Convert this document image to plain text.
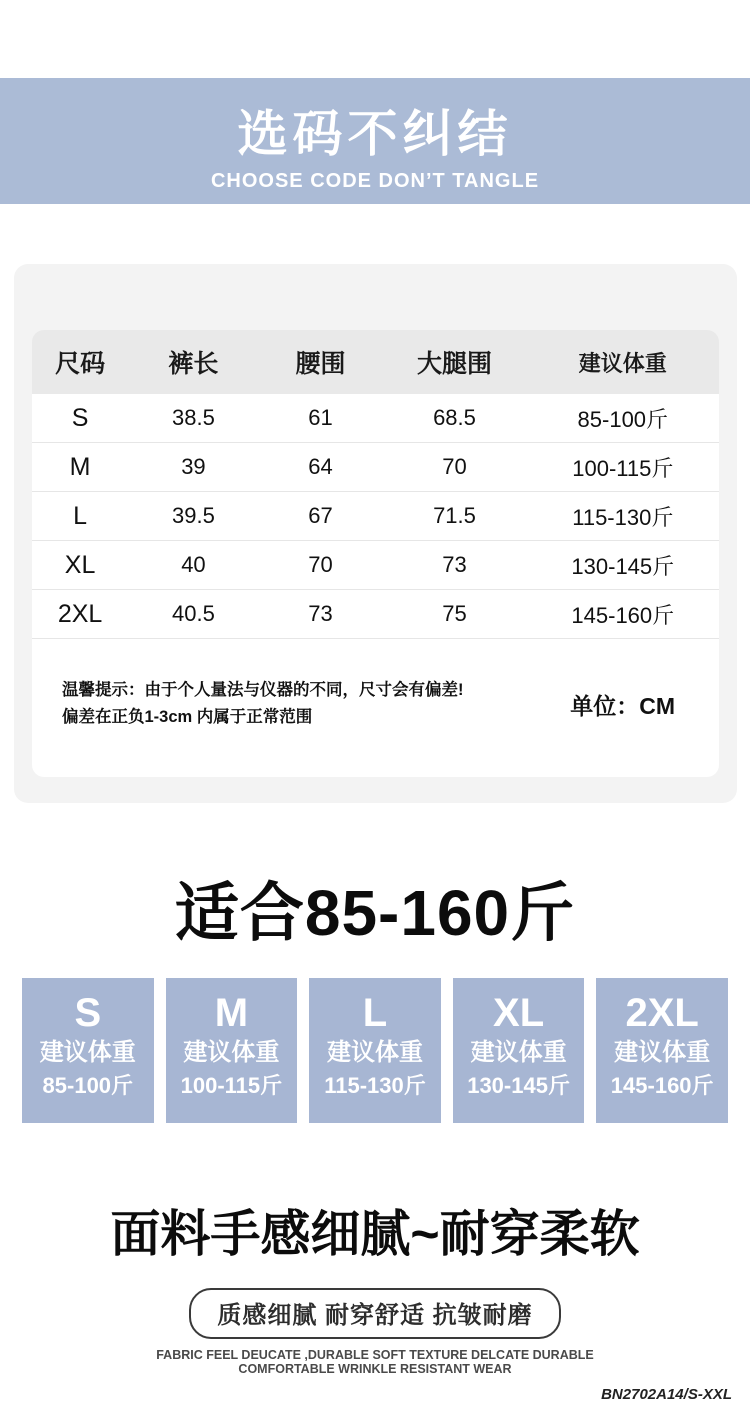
选码不纠结
CHOOSE CODE DON’T TANGLE
尺码	裤长	腰围	大腿围	建议体重
S	38.5	61	68.5	85-100斤
M	39	64	70	100-115斤
L	39.5	67	71.5	115-130斤
XL	40	70	73	130-145斤
2XL	40.5	73	75	145-160斤
温馨提示：由于个人量法与仪器的不同，尺寸会有偏差!
偏差在正负1-3cm 内属于正常范围	单位：CM
适合85-160斤
S
建议体重
85-100斤
M
建议体重
100-115斤
L
建议体重
115-130斤
XL
建议体重
130-145斤
2XL
建议体重
145-160斤
面料手感细腻~耐穿柔软
质感细腻 耐穿舒适 抗皱耐磨
FABRIC FEEL DEUCATE ,DURABLE SOFT TEXTURE DELCATE DURABLE
COMFORTABLE WRINKLE RESISTANT WEAR
BN2702A14/S-XXL
